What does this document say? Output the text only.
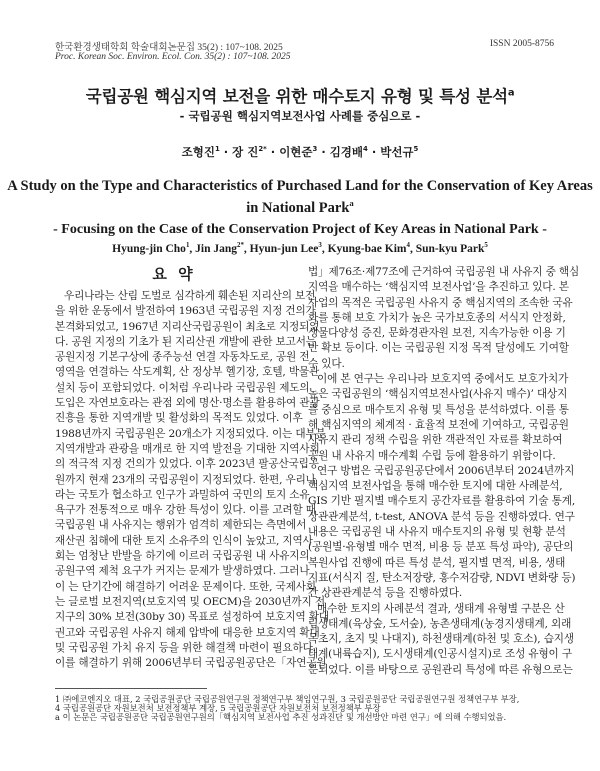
한국환경생태학회 학술대회논문집 35(2) : 107~108. 2025
Proc. Korean Soc. Environ. Ecol. Con. 35(2) : 107~108. 2025
ISSN 2005-8756
국립공원 핵심지역 보전을 위한 매수토지 유형 및 특성 분석$^a$
- 국립공원 핵심지역보전사업 사례를 중심으로 -
조형진$^1$ · 장 진$^{2*}$ · 이현준$^3$ · 김경배$^4$ · 박선규$^5$
A Study on the Type and Characteristics of Purchased Land for the Conservation of Key Areas
in National Park$^a$
- Focusing on the Case of the Conservation Project of Key Areas in National Park -
Hyung-jin Cho$^1$, Jin Jang$^{2*}$, Hyun-jun Lee$^3$, Kyung-bae Kim$^4$, Sun-kyu Park$^5$
요 약
우리나라는 산림 도벌로 심각하게 훼손된 지리산의 보전
을 위한 운동에서 발전하여 1963년 국립공원 지정 건의가
본격화되었고, 1967년 지리산국립공원이 최초로 지정되었
다. 공원 지정의 기초가 된 지리산권 개발에 관한 보고서는
공원지정 기본구상에 종주능선 연결 자동차도로, 공원 전
영역을 연결하는 삭도계획, 산 정상부 헬기장, 호텔, 박물관
설치 등이 포함되었다. 이처럼 우리나라 국립공원 제도의
도입은 자연보호라는 관점 외에 명산·명소를 활용하여 관광
진흥을 통한 지역개발 및 활성화의 목적도 있었다. 이후
1988년까지 국립공원은 20개소가 지정되었다. 이는 대부분
지역개발과 관광을 매개로 한 지역 발전을 기대한 지역사회
의 적극적 지정 건의가 있었다. 이후 2023년 팔공산국립공
원까지 현재 23개의 국립공원이 지정되었다. 한편, 우리나
라는 국토가 협소하고 인구가 과밀하여 국민의 토지 소유
욕구가 전통적으로 매우 강한 특성이 있다. 이를 고려할 때
국립공원 내 사유지는 행위가 엄격히 제한되는 측면에서
재산권 침해에 대한 토지 소유주의 인식이 높았고, 지역사
회는 엄청난 반발을 하기에 이르러 국립공원 내 사유지의
공원구역 제척 요구가 커지는 문제가 발생하였다. 그러나
이 는 단기간에 해결하기 어려운 문제이다. 또한, 국제사회
는 글로벌 보전지역(보호지역 및 OECM)을 2030년까지 전
지구의 30% 보전(30by 30) 목표로 설정하여 보호지역 확대
권고와 국립공원 사유지 해제 압박에 대응한 보호지역 확대
및 국립공원 가치 유지 등을 위한 해결책 마련이 필요하다.
이를 해결하기 위해 2006년부터 국립공원공단은「자연공원
법」제76조·제77조에 근거하여 국립공원 내 사유지 중 핵심
지역을 매수하는 ‘핵심지역 보전사업’을 추진하고 있다. 본
사업의 목적은 국립공원 사유지 중 핵심지역의 조속한 국유
화를 통해 보호 가치가 높은 국가보호종의 서식지 안정화,
생물다양성 증진, 문화경관자원 보전, 지속가능한 이용 기
반 확보 등이다. 이는 국립공원 지정 목적 달성에도 기여할
수 있다.
이에 본 연구는 우리나라 보호지역 중에서도 보호가치가
높은 국립공원의 ‘핵심지역보전사업(사유지 매수)’ 대상지
를 중심으로 매수토지 유형 및 특성을 분석하였다. 이를 통
해 핵심지역의 체계적 · 효율적 보전에 기여하고, 국립공원
사유지 관리 정책 수립을 위한 객관적인 자료를 확보하여
공원 내 사유지 매수계획 수립 등에 활용하기 위함이다.
연구 방법은 국립공원공단에서 2006년부터 2024년까지
핵심지역 보전사업을 통해 매수한 토지에 대한 사례분석,
GIS 기반 필지별 매수토지 공간자료를 활용하여 기술 통계,
상관관계분석, t-test, ANOVA 분석 등을 진행하였다. 연구
내용은 국립공원 내 사유지 매수토지의 유형 및 현황 분석
(공원별·유형별 매수 면적, 비용 등 분포 특성 파악), 공단의
복원사업 진행에 따른 특성 분석, 필지별 면적, 비용, 생태
지표(서식지 질, 탄소저장량, 홍수저감량, NDVI 변화량 등)
간 상관관계분석 등을 진행하였다.
매수한 토지의 사례분석 결과, 생태계 유형별 구분은 산
림생태계(육상숲, 도서숲), 농촌생태계(농경지생태계, 외래
목초지, 초지 및 나대지), 하천생태계(하천 및 호소), 습지생
태계(내륙습지), 도시생태계(인공시설지)로 조성 유형이 구
분되었다. 이를 바탕으로 공원관리 특성에 따른 유형으로는
1 ㈜에코엔지오 대표, 2 국립공원공단 국립공원연구원 정책연구부 책임연구원, 3 국립공원공단 국립공원연구원 정책연구부 부장,
4 국립공원공단 자원보전처 보전정책부 계장, 5 국립공원공단 자원보전처 보전정책부 부장
a 이 논문은 국립공원공단 국립공원연구원의「핵심지역 보전사업 추진 성과진단 및 개선방안 마련 연구」에 의해 수행되었음.
